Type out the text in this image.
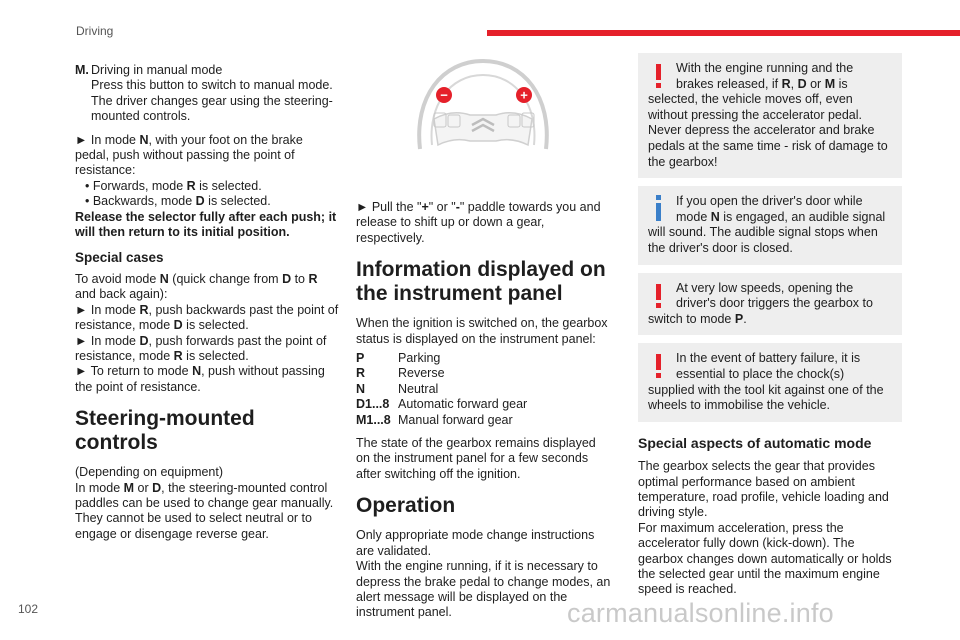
Driving

M. Driving in manual mode

Press this button to switch to manual mode. The driver changes gear using the steering-mounted controls.

► In mode N, with your foot on the brake pedal, push without passing the point of resistance:

• Forwards, mode R is selected.

• Backwards, mode D is selected.

Release the selector fully after each push; it will then return to its initial position.

Special cases

To avoid mode N (quick change from D to R and back again):

► In mode R, push backwards past the point of resistance, mode D is selected.

► In mode D, push forwards past the point of resistance, mode R is selected.

► To return to mode N, push without passing the point of resistance.

Steering-mounted controls

(Depending on equipment)

In mode M or D, the steering-mounted control paddles can be used to change gear manually. They cannot be used to select neutral or to engage or disengage reverse gear.

−	+

► Pull the "+" or "-" paddle towards you and release to shift up or down a gear, respectively.

Information displayed on the instrument panel

When the ignition is switched on, the gearbox status is displayed on the instrument panel:

P	Parking
R	Reverse
N	Neutral
D1...8 Automatic forward gear
M1...8 Manual forward gear

The state of the gearbox remains displayed on the instrument panel for a few seconds after switching off the ignition.

Operation

Only appropriate mode change instructions are validated.

With the engine running, if it is necessary to depress the brake pedal to change modes, an alert message will be displayed on the instrument panel.

With the engine running and the brakes released, if R, D or M is selected, the vehicle moves off, even without pressing the accelerator pedal.

Never depress the accelerator and brake pedals at the same time - risk of damage to the gearbox!

If you open the driver's door while mode N is engaged, an audible signal will sound. The audible signal stops when the driver's door is closed.

At very low speeds, opening the driver's door triggers the gearbox to switch to mode P.

In the event of battery failure, it is essential to place the chock(s) supplied with the tool kit against one of the wheels to immobilise the vehicle.

Special aspects of automatic mode

The gearbox selects the gear that provides optimal performance based on ambient temperature, road profile, vehicle loading and driving style.

For maximum acceleration, press the accelerator fully down (kick-down). The gearbox changes down automatically or holds the selected gear until the maximum engine speed is reached.

102	carmanualsonline.info
